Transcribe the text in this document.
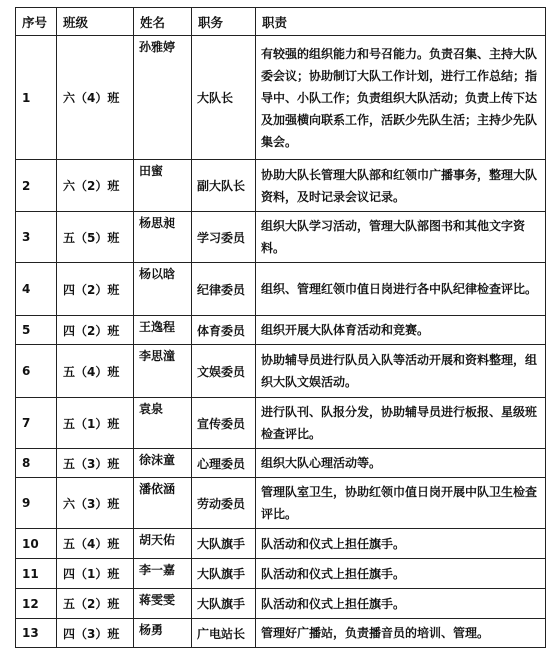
序号	班级	姓名	职务	职责
1	六（4）班	孙雅婷	大队长	有较强的组织能力和号召能力。负责召集、主持大队委会议；协助制订大队工作计划，进行工作总结；指导中、小队工作；负责组织大队活动；负责上传下达及加强横向联系工作，活跃少先队生活；主持少先队集会。
2	六（2）班	田蜜	副大队长	协助大队长管理大队部和红领巾广播事务，整理大队资料，及时记录会议记录。
3	五（5）班	杨思昶	学习委员	组织大队学习活动，管理大队部图书和其他文字资料。
4	四（2）班	杨以晗	纪律委员	组织、管理红领巾值日岗进行各中队纪律检查评比。
5	四（2）班	王逸程	体育委员	组织开展大队体育活动和竞赛。
6	五（4）班	李思潼	文娱委员	协助辅导员进行队员入队等活动开展和资料整理，组织大队文娱活动。
7	五（1）班	袁泉	宣传委员	进行队刊、队报分发，协助辅导员进行板报、星级班检查评比。
8	五（3）班	徐沫童	心理委员	组织大队心理活动等。
9	六（3）班	潘依涵	劳动委员	管理队室卫生，协助红领巾值日岗开展中队卫生检查评比。
10	五（4）班	胡天佑	大队旗手	队活动和仪式上担任旗手。
11	四（1）班	李一嘉	大队旗手	队活动和仪式上担任旗手。
12	五（2）班	蒋雯雯	大队旗手	队活动和仪式上担任旗手。
13	四（3）班	杨勇	广电站长	管理好广播站，负责播音员的培训、管理。
